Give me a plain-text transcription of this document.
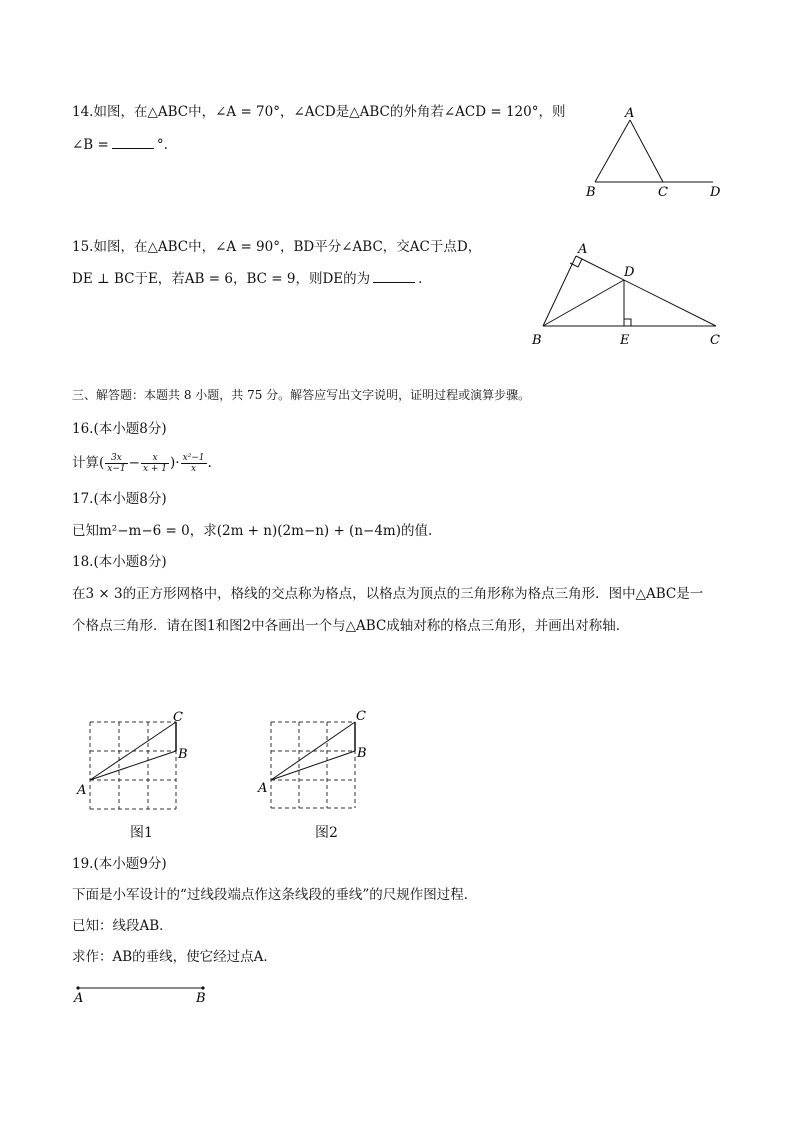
14.如图，在△ABC中，∠A = 70°，∠ACD是△ABC的外角若∠ACD = 120°，则
∠B =	°.
A
B	C	D
15.如图，在△ABC中，∠A = 90°，BD平分∠ABC，交AC于点D，
DE ⊥ BC于E，若AB = 6，BC = 9，则DE的为	.
A
B	C
D
E
三、解答题：本题共 8 小题，共 75 分。解答应写出文字说明，证明过程或演算步骤。
16.(本小题8分)
计算( $\frac{3x}{x-1} - \frac{x}{x + 1}$ )· $\frac{\text{x²−1}}{x}$ .
17.(本小题8分)
已知m²−m−6 = 0，求(2m + n)(2m−n) + (n−4m)的值.
18.(本小题8分)
在3 × 3的正方形网格中，格线的交点称为格点，以格点为顶点的三角形称为格点三角形．图中△ABC是一
个格点三角形．请在图1和图2中各画出一个与△ABC成轴对称的格点三角形，并画出对称轴．
A
B
C
图1
A
B
C
图2
19.(本小题9分)
下面是小军设计的“过线段端点作这条线段的垂线”的尺规作图过程．
已知：线段AB．
求作：AB的垂线，使它经过点A．
A	B
